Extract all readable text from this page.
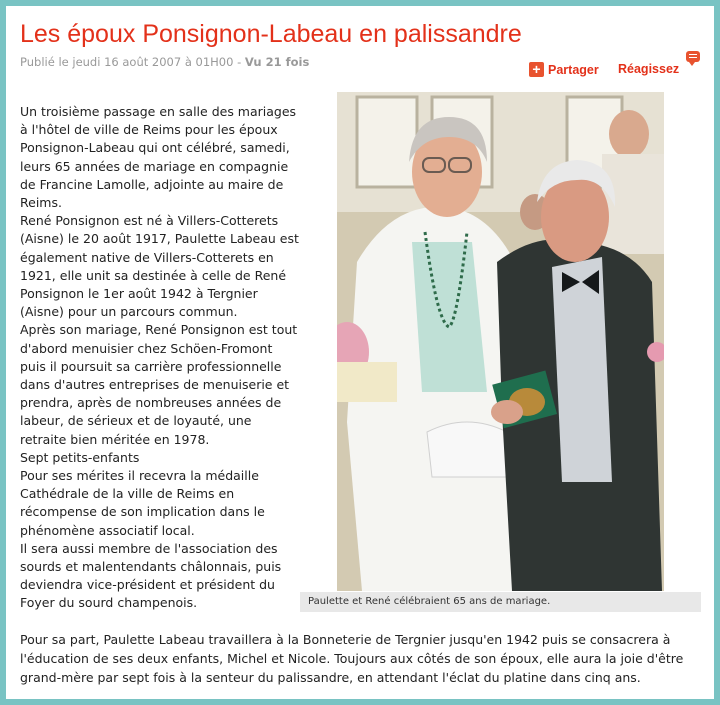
Les époux Ponsignon-Labeau en palissandre
Publié le jeudi 16 août 2007 à 01H00 - Vu 21 fois	+ Partager Réagissez

Un troisième passage en salle des mariages à l'hôtel de ville de Reims pour les époux Ponsignon-Labeau qui ont célébré, samedi, leurs 65 années de mariage en compagnie de Francine Lamolle, adjointe au maire de Reims.

René Ponsignon est né à Villers-Cotterets (Aisne) le 20 août 1917, Paulette Labeau est également native de Villers-Cotterets en 1921, elle unit sa destinée à celle de René Ponsignon le 1er août 1942 à Tergnier (Aisne) pour un parcours commun.

Après son mariage, René Ponsignon est tout d'abord menuisier chez Schöen-Fromont puis il poursuit sa carrière professionnelle dans d'autres entreprises de menuiserie et prendra, après de nombreuses années de labeur, de sérieux et de loyauté, une retraite bien méritée en 1978.

Sept petits-enfants

Pour ses mérites il recevra la médaille Cathédrale de la ville de Reims en récompense de son implication dans le phénomène associatif local.

Il sera aussi membre de l'association des sourds et malentendants châlonnais, puis deviendra vice-président et président du Foyer du sourd champenois.	Paulette et René célébraient 65 ans de mariage.
Pour sa part, Paulette Labeau travaillera à la Bonneterie de Tergnier jusqu'en 1942 puis se consacrera à l'éducation de ses deux enfants, Michel et Nicole. Toujours aux côtés de son époux, elle aura la joie d'être grand-mère par sept fois à la senteur du palissandre, en attendant l'éclat du platine dans cinq ans.
